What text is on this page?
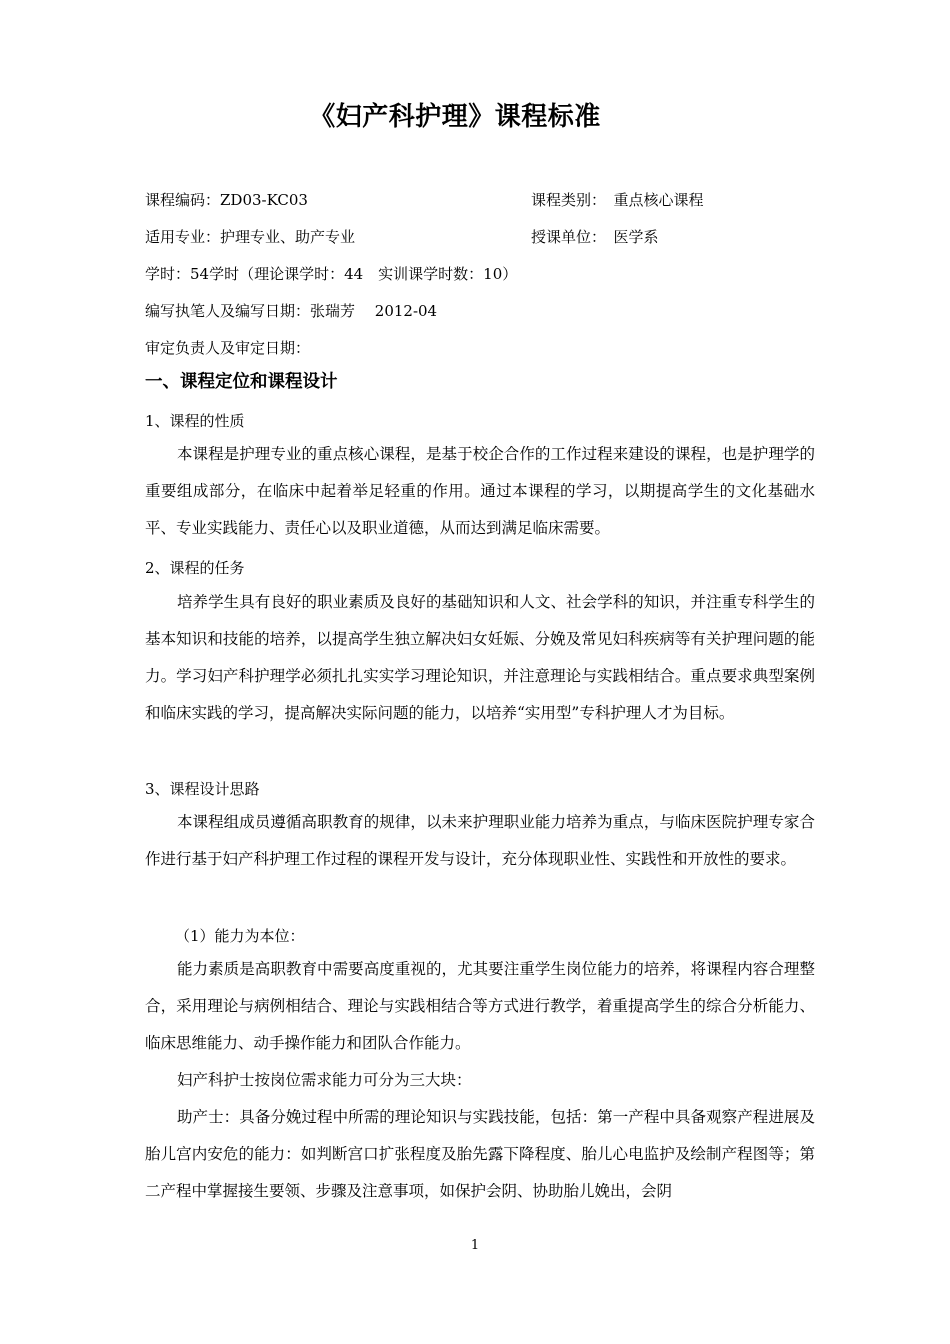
《妇产科护理》课程标准
课程编码：ZD03-KC03	课程类别：　重点核心课程
适用专业：护理专业、助产专业	授课单位：　医学系
学时：54学时（理论课学时：44　实训课学时数：10）
编写执笔人及编写日期：张瑞芳　 2012-04
审定负责人及审定日期：
一、课程定位和课程设计
1、课程的性质
本课程是护理专业的重点核心课程，是基于校企合作的工作过程来建设的课程，也是护理学的重要组成部分，在临床中起着举足轻重的作用。通过本课程的学习，以期提高学生的文化基础水平、专业实践能力、责任心以及职业道德，从而达到满足临床需要。
2、课程的任务
培养学生具有良好的职业素质及良好的基础知识和人文、社会学科的知识，并注重专科学生的基本知识和技能的培养，以提高学生独立解决妇女妊娠、分娩及常见妇科疾病等有关护理问题的能力。学习妇产科护理学必须扎扎实实学习理论知识，并注意理论与实践相结合。重点要求典型案例和临床实践的学习，提高解决实际问题的能力，以培养“实用型”专科护理人才为目标。
3、课程设计思路
本课程组成员遵循高职教育的规律，以未来护理职业能力培养为重点，与临床医院护理专家合作进行基于妇产科护理工作过程的课程开发与设计，充分体现职业性、实践性和开放性的要求。
（1）能力为本位：
能力素质是高职教育中需要高度重视的，尤其要注重学生岗位能力的培养，将课程内容合理整合，采用理论与病例相结合、理论与实践相结合等方式进行教学，着重提高学生的综合分析能力、临床思维能力、动手操作能力和团队合作能力。
妇产科护士按岗位需求能力可分为三大块：
助产士：具备分娩过程中所需的理论知识与实践技能，包括：第一产程中具备观察产程进展及胎儿宫内安危的能力：如判断宫口扩张程度及胎先露下降程度、胎儿心电监护及绘制产程图等；第二产程中掌握接生要领、步骤及注意事项，如保护会阴、协助胎儿娩出，会阴
1
